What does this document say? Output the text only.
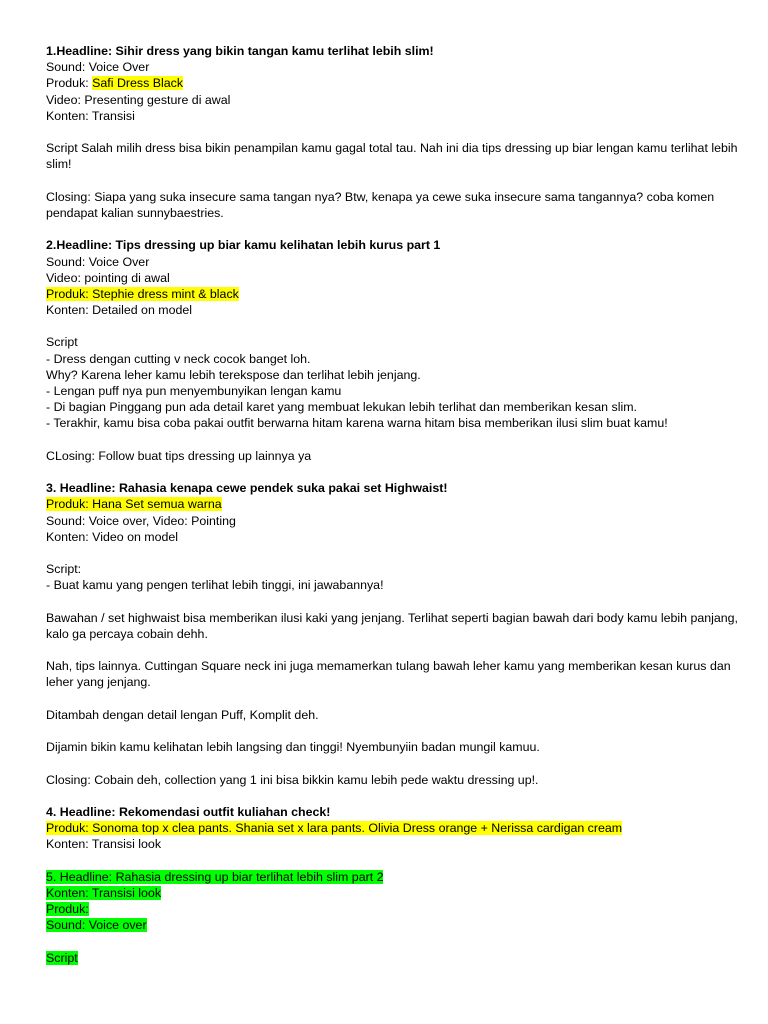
1.Headline: Sihir dress yang bikin tangan kamu terlihat lebih slim!
Sound: Voice Over
Produk: Safi Dress Black
Video: Presenting gesture di awal
Konten: Transisi
Script Salah milih dress bisa bikin penampilan kamu gagal total tau. Nah ini dia tips dressing up biar lengan kamu terlihat lebih slim!
Closing: Siapa yang suka insecure sama tangan nya? Btw, kenapa ya cewe suka insecure sama tangannya? coba komen pendapat kalian sunnybaestries.
2.Headline: Tips dressing up biar kamu kelihatan lebih kurus part 1
Sound: Voice Over
Video: pointing di awal
Produk: Stephie dress mint & black
Konten: Detailed on model
Script
- Dress dengan cutting v neck cocok banget loh.
Why? Karena leher kamu lebih terekspose dan terlihat lebih jenjang.
- Lengan puff nya pun menyembunyikan lengan kamu
- Di bagian Pinggang pun ada detail karet yang membuat lekukan lebih terlihat dan memberikan kesan slim.
- Terakhir, kamu bisa coba pakai outfit berwarna hitam karena warna hitam bisa memberikan ilusi slim buat kamu!
CLosing: Follow buat tips dressing up lainnya ya
3. Headline: Rahasia kenapa cewe pendek suka pakai set Highwaist!
Produk: Hana Set semua warna
Sound: Voice over, Video: Pointing
Konten: Video on model
Script:
- Buat kamu yang pengen terlihat lebih tinggi, ini jawabannya!
Bawahan / set highwaist bisa memberikan ilusi kaki yang jenjang. Terlihat seperti bagian bawah dari body kamu lebih panjang, kalo ga percaya cobain dehh.
Nah, tips lainnya. Cuttingan Square neck ini juga memamerkan tulang bawah leher kamu yang memberikan kesan kurus dan leher yang jenjang.
Ditambah dengan detail lengan Puff, Komplit deh.
Dijamin bikin kamu kelihatan lebih langsing dan tinggi! Nyembunyiin badan mungil kamuu.
Closing: Cobain deh, collection yang 1 ini bisa bikkin kamu lebih pede waktu dressing up!.
4. Headline: Rekomendasi outfit kuliahan check!
Produk: Sonoma top x clea pants. Shania set x lara pants. Olivia Dress orange + Nerissa cardigan cream
Konten: Transisi look
5. Headline: Rahasia dressing up biar terlihat lebih slim part 2
Konten: Transisi look
Produk:
Sound: Voice over
Script
